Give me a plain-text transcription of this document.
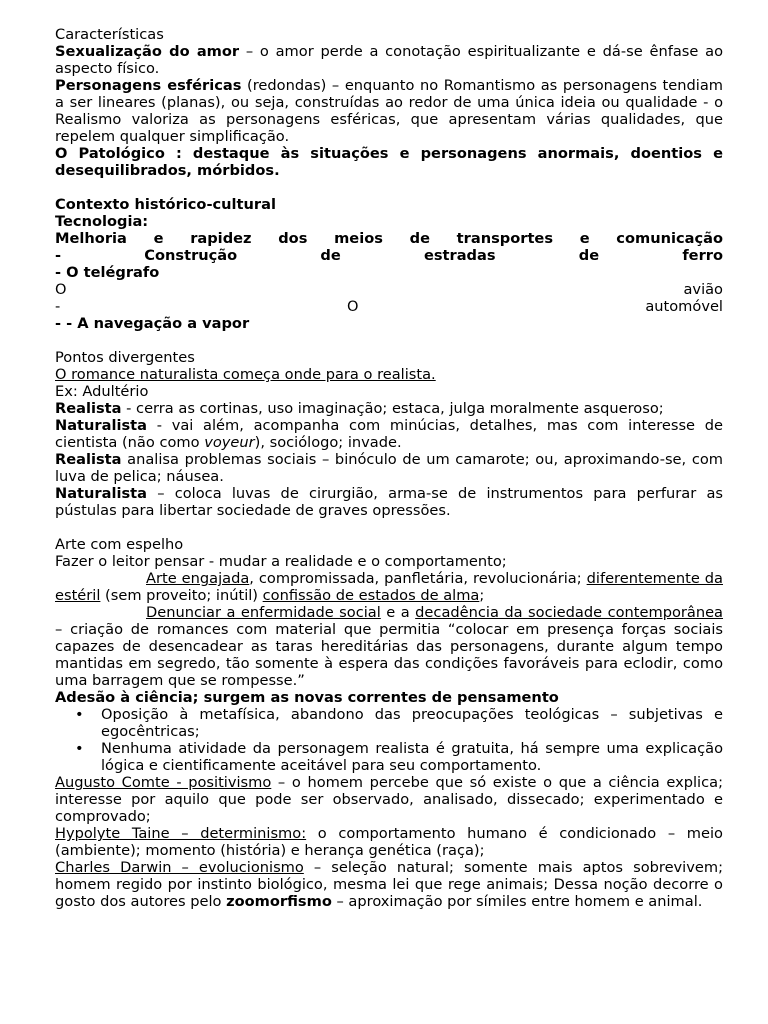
Características

Sexualização do amor – o amor perde a conotação espiritualizante e dá-se ênfase ao aspecto físico.

Personagens esféricas (redondas) – enquanto no Romantismo as personagens tendiam a ser lineares (planas), ou seja, construídas ao redor de uma única ideia ou qualidade - o Realismo valoriza as personagens esféricas, que apresentam várias qualidades, que repelem qualquer simplificação.

O Patológico : destaque às situações e personagens anormais, doentios e desequilibrados, mórbidos.

Contexto histórico-cultural

Tecnologia:

Melhoria e rapidez dos meios de transportes e comunicação

- Construção de estradas de ferro

- O telégrafo

O avião

- O automóvel

- - A navegação a vapor

Pontos divergentes

O romance naturalista começa onde para o realista.

Ex: Adultério

Realista - cerra as cortinas, uso imaginação; estaca, julga moralmente asqueroso;

Naturalista - vai além, acompanha com minúcias, detalhes, mas com interesse de cientista (não como voyeur), sociólogo; invade.

Realista analisa problemas sociais – binóculo de um camarote; ou, aproximando-se, com luva de pelica; náusea.

Naturalista – coloca luvas de cirurgião, arma-se de instrumentos para perfurar as pústulas para libertar sociedade de graves opressões.

Arte com espelho

Fazer o leitor pensar - mudar a realidade e o comportamento;

Arte engajada, compromissada, panfletária, revolucionária; diferentemente da estéril (sem proveito; inútil) confissão de estados de alma;

Denunciar a enfermidade social e a decadência da sociedade contemporânea – criação de romances com material que permitia “colocar em presença forças sociais capazes de desencadear as taras hereditárias das personagens, durante algum tempo mantidas em segredo, tão somente à espera das condições favoráveis para eclodir, como uma barragem que se rompesse.”

Adesão à ciência; surgem as novas correntes de pensamento

• Oposição à metafísica, abandono das preocupações teológicas – subjetivas e egocêntricas;
• Nenhuma atividade da personagem realista é gratuita, há sempre uma explicação lógica e cientificamente aceitável para seu comportamento.

Augusto Comte - positivismo – o homem percebe que só existe o que a ciência explica; interesse por aquilo que pode ser observado, analisado, dissecado; experimentado e comprovado;

Hypolyte Taine – determinismo: o comportamento humano é condicionado – meio (ambiente); momento (história) e herança genética (raça);

Charles Darwin – evolucionismo – seleção natural; somente mais aptos sobrevivem; homem regido por instinto biológico, mesma lei que rege animais; Dessa noção decorre o gosto dos autores pelo zoomorfismo – aproximação por símiles entre homem e animal.
